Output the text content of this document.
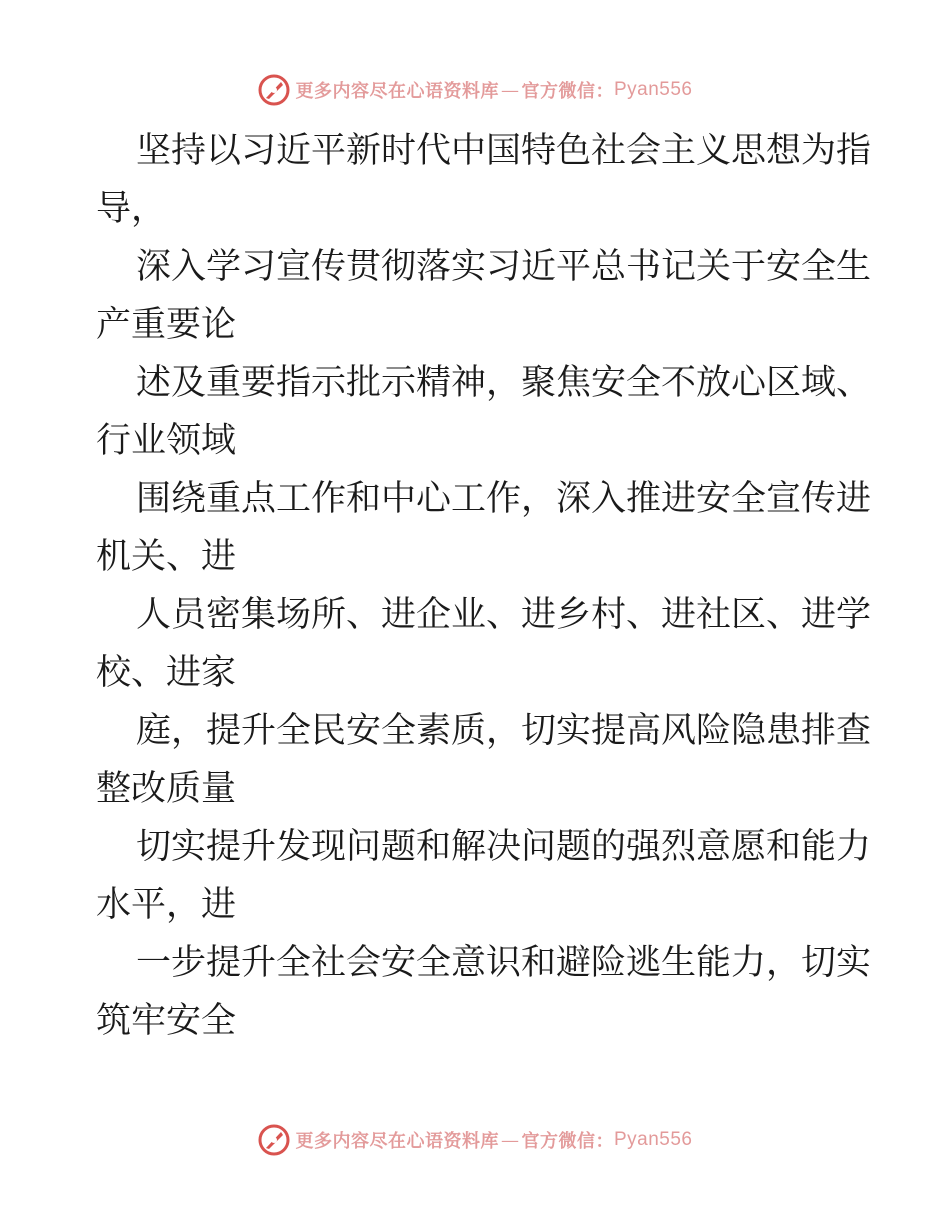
更多内容尽在心语资料库 — 官方微信： Pyan556
坚持以习近平新时代中国特色社会主义思想为指
导，
深入学习宣传贯彻落实习近平总书记关于安全生
产重要论
述及重要指示批示精神，聚焦安全不放心区域、
行业领域
围绕重点工作和中心工作，深入推进安全宣传进
机关、进
人员密集场所、进企业、进乡村、进社区、进学
校、进家
庭，提升全民安全素质，切实提高风险隐患排查
整改质量
切实提升发现问题和解决问题的强烈意愿和能力
水平，进
一步提升全社会安全意识和避险逃生能力，切实
筑牢安全
更多内容尽在心语资料库 — 官方微信： Pyan556
